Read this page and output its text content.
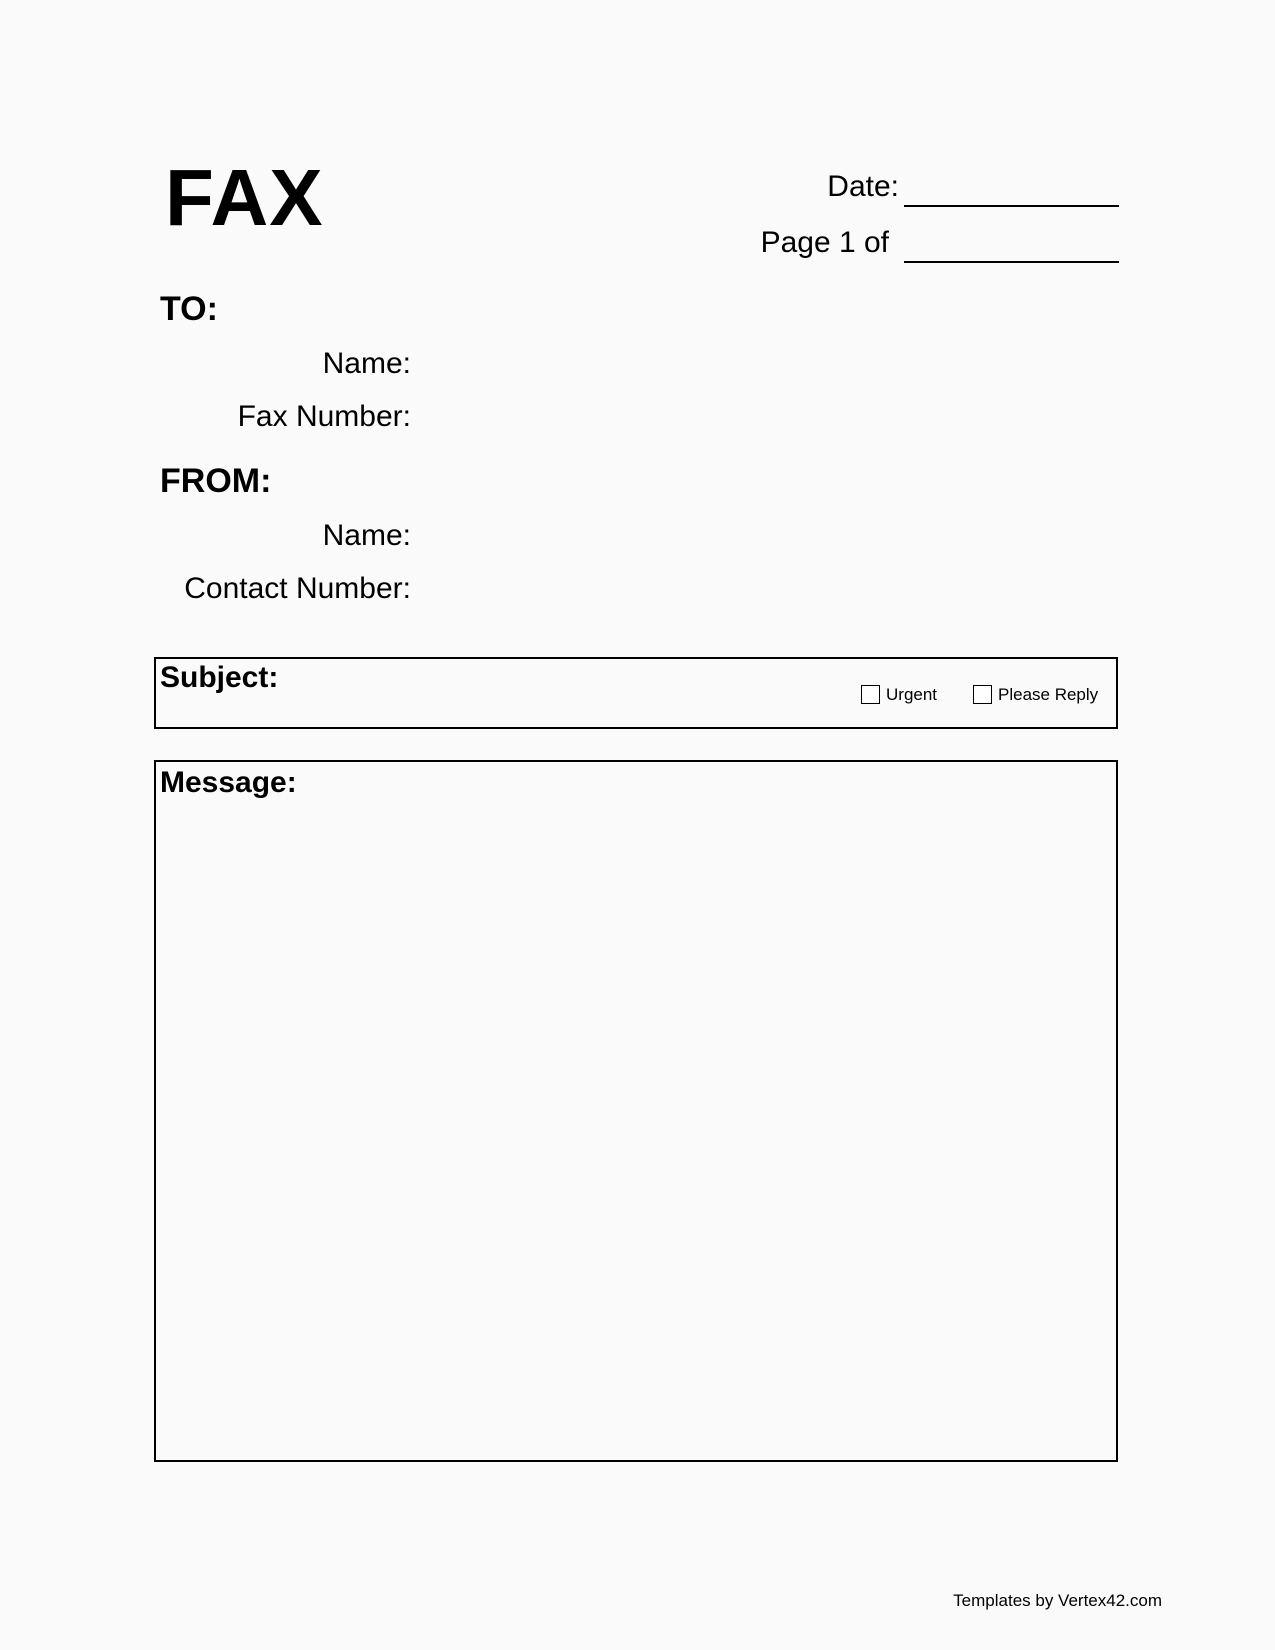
FAX	Date:
Page 1 of
TO:
Name:
Fax Number:
FROM:
Name:
Contact Number:
Subject:
Urgent	Please Reply
Message:
Templates by Vertex42.com
